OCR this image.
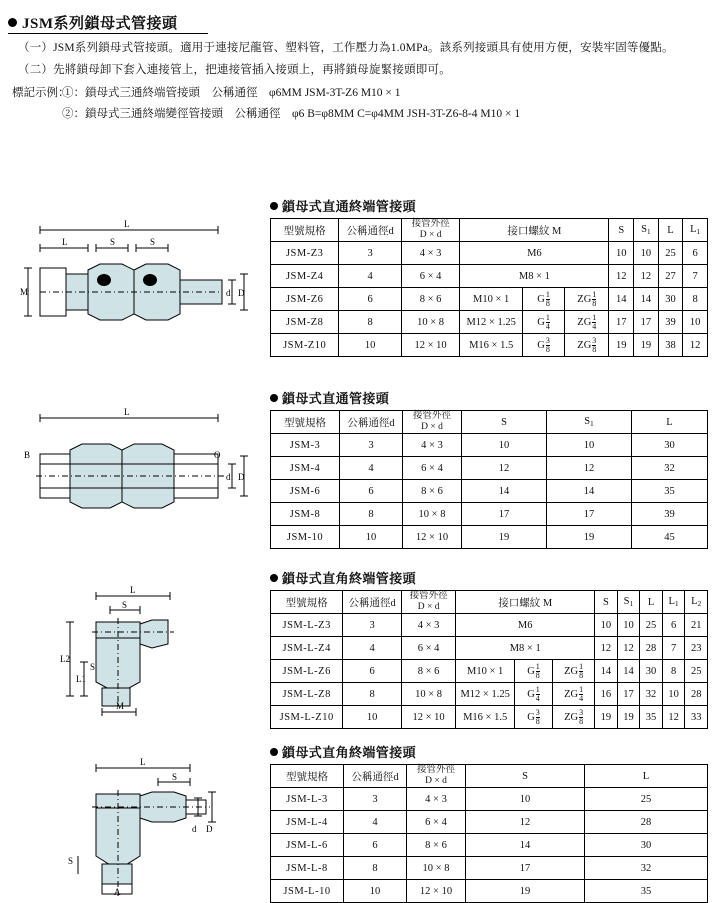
JSM系列鎖母式管接頭
（一）JSM系列鎖母式管接頭。適用于連接尼龍管、塑料管，工作壓力為1.0MPa。該系列接頭具有使用方便，安裝牢固等優點。
（二）先將鎖母卸下套入連接管上，把連接管插入接頭上，再將鎖母旋緊接頭即可。
標記示例：
①：鎖母式三通終端管接頭　公稱通徑　φ6MM JSM-3T-Z6 M10 × 1
②：鎖母式三通終端變徑管接頭　公稱通徑　φ6 B=φ8MM C=φ4MM JSH-3T-Z6-8-4 M10 × 1
L
L	S	S
M	d D
L
B	O
d D
L
S
L2
L1
S
M
L
S
d D
S
A
鎖母式直通終端管接頭
型號規格	公稱通徑d	接管外徑
D × d	接口螺紋 M			S	$S_1$	L	$L_1$
JSM-Z3	3	4 × 3	M6			10	10	25	6
JSM-Z4	4	6 × 4	M8 × 1			12	12	27	7
JSM-Z6	6	8 × 6	M10 × 1	G $\frac{1}{8}$	ZG $\frac{1}{8}$	14	14	30	8
JSM-Z8	8	10 × 8	M12 × 1.25	G $\frac{1}{4}$	ZG $\frac{1}{4}$	17	17	39	10
JSM-Z10	10	12 × 10	M16 × 1.5	G $\frac{3}{8}$	ZG $\frac{3}{8}$	19	19	38	12
鎖母式直通管接頭
型號規格	公稱通徑d	接管外徑
D × d	S	$S_1$	L
JSM-3	3	4 × 3	10	10	30
JSM-4	4	6 × 4	12	12	32
JSM-6	6	8 × 6	14	14	35
JSM-8	8	10 × 8	17	17	39
JSM-10	10	12 × 10	19	19	45
鎖母式直角終端管接頭
型號規格	公稱通徑d	接管外徑
D × d	接口螺紋 M			S	$S_1$	L	$L_1$	$L_2$
JSM-L-Z3	3	4 × 3	M6			10	10	25	6	21
JSM-L-Z4	4	6 × 4	M8 × 1			12	12	28	7	23
JSM-L-Z6	6	8 × 6	M10 × 1	G $\frac{1}{8}$	ZG $\frac{1}{8}$	14	14	30	8	25
JSM-L-Z8	8	10 × 8	M12 × 1.25	G $\frac{1}{4}$	ZG $\frac{1}{4}$	16	17	32	10	28
JSM-L-Z10	10	12 × 10	M16 × 1.5	G $\frac{3}{8}$	ZG $\frac{3}{8}$	19	19	35	12	33
鎖母式直角終端管接頭
型號規格	公稱通徑d	接管外徑
D × d	S	L
JSM-L-3	3	4 × 3	10	25
JSM-L-4	4	6 × 4	12	28
JSM-L-6	6	8 × 6	14	30
JSM-L-8	8	10 × 8	17	32
JSM-L-10	10	12 × 10	19	35
